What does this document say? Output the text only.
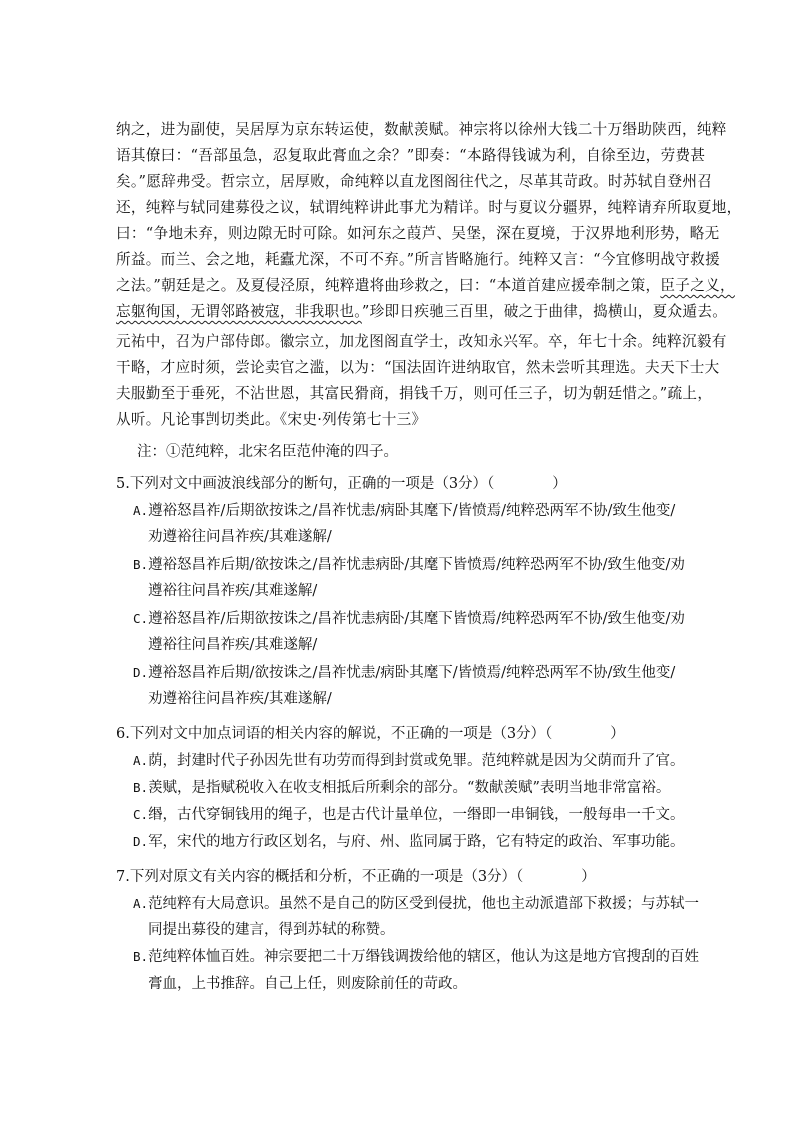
纳之，进为副使，吴居厚为京东转运使，数献羡赋。神宗将以徐州大钱二十万缗助陕西，纯粹
语其僚曰：“吾部虽急，忍复取此膏血之余？”即奏：“本路得钱诚为利，自徐至边，劳费甚
矣。”愿辞弗受。哲宗立，居厚败，命纯粹以直龙图阁往代之，尽革其苛政。时苏轼自登州召
还，纯粹与轼同建募役之议，轼谓纯粹讲此事尤为精详。时与夏议分疆界，纯粹请弃所取夏地，
曰：“争地未弃，则边隙无时可除。如河东之葭芦、吴堡，深在夏境，于汉界地利形势，略无
所益。而兰、会之地，耗蠹尤深，不可不弃。”所言皆略施行。纯粹又言：“今宜修明战守救援
之法。”朝廷是之。及夏侵泾原，纯粹遣将曲珍救之，曰：“本道首建应援牵制之策，臣子之义，
忘躯徇国，无谓邻路被寇，非我职也。”珍即日疾驰三百里，破之于曲律，捣横山，夏众遁去。
元祐中，召为户部侍郎。徽宗立，加龙图阁直学士，改知永兴军。卒，年七十余。纯粹沉毅有
干略，才应时须，尝论卖官之滥，以为：“国法固许进纳取官，然未尝听其理选。夫天下士大
夫服勤至于垂死，不沾世恩，其富民猾商，捐钱千万，则可任三子，切为朝廷惜之。”疏上，
从听。凡论事剀切类此。《宋史·列传第七十三》
注：①范纯粹，北宋名臣范仲淹的四子。
5.下列对文中画波浪线部分的断句，正确的一项是（3分）（　　　　）
A.遵裕怒昌祚/后期欲按诛之/昌祚忧恚/病卧其麾下/皆愤焉/纯粹恐两军不协/致生他变/
劝遵裕往问昌祚疾/其难遂解/
B.遵裕怒昌祚后期/欲按诛之/昌祚忧恚病卧/其麾下皆愤焉/纯粹恐两军不协/致生他变/劝
遵裕往问昌祚疾/其难遂解/
C.遵裕怒昌祚/后期欲按诛之/昌祚忧恚病卧/其麾下皆愤焉/纯粹恐两军不协/致生他变/劝
遵裕往问昌祚疾/其难遂解/
D.遵裕怒昌祚后期/欲按诛之/昌祚忧恚/病卧其麾下/皆愤焉/纯粹恐两军不协/致生他变/
劝遵裕往问昌祚疾/其难遂解/
6.下列对文中加点词语的相关内容的解说，不正确的一项是（3分）（　　　　）
A.荫，封建时代子孙因先世有功劳而得到封赏或免罪。范纯粹就是因为父荫而升了官。
B.羡赋，是指赋税收入在收支相抵后所剩余的部分。“数献羡赋”表明当地非常富裕。
C.缗，古代穿铜钱用的绳子，也是古代计量单位，一缗即一串铜钱，一般每串一千文。
D.军，宋代的地方行政区划名，与府、州、监同属于路，它有特定的政治、军事功能。
7.下列对原文有关内容的概括和分析，不正确的一项是（3分）（　　　　）
A.范纯粹有大局意识。虽然不是自己的防区受到侵扰，他也主动派遣部下救援；与苏轼一
同提出募役的建言，得到苏轼的称赞。
B.范纯粹体恤百姓。神宗要把二十万缗钱调拨给他的辖区，他认为这是地方官搜刮的百姓
膏血，上书推辞。自己上任，则废除前任的苛政。
